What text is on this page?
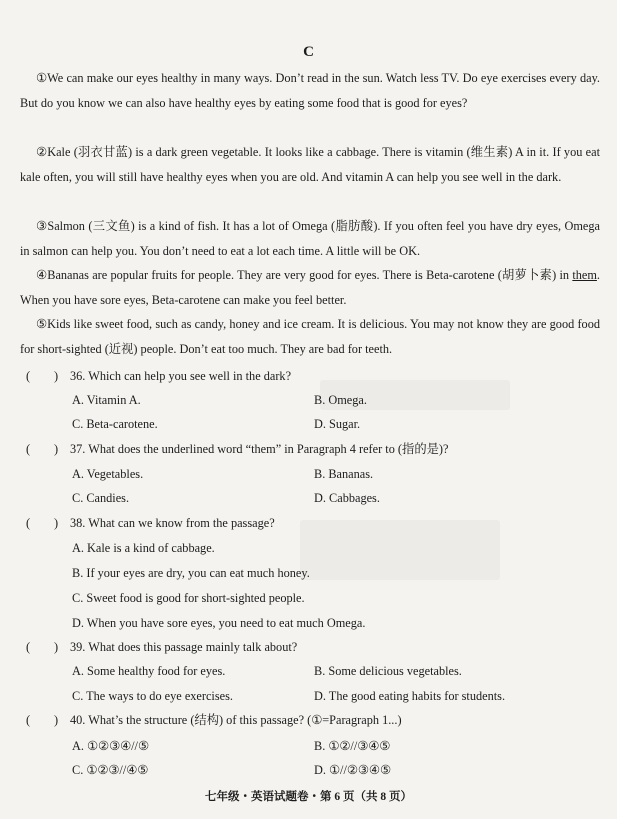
C
①We can make our eyes healthy in many ways. Don’t read in the sun. Watch less TV. Do eye exercises every day. But do you know we can also have healthy eyes by eating some food that is good for eyes?
②Kale (羽衣甘蓝) is a dark green vegetable. It looks like a cabbage. There is vitamin (维生素) A in it. If you eat kale often, you will still have healthy eyes when you are old. And vitamin A can help you see well in the dark.
③Salmon (三文鱼) is a kind of fish. It has a lot of Omega (脂肪酸). If you often feel you have dry eyes, Omega in salmon can help you. You don’t need to eat a lot each time. A little will be OK.
④Bananas are popular fruits for people. They are very good for eyes. There is Beta-carotene (胡萝卜素) in them. When you have sore eyes, Beta-carotene can make you feel better.
⑤Kids like sweet food, such as candy, honey and ice cream. It is delicious. You may not know they are good food for short-sighted (近视) people. Don’t eat too much. They are bad for teeth.
( ) 36. Which can help you see well in the dark?
A. Vitamin A.	B. Omega.
C. Beta-carotene.	D. Sugar.
( ) 37. What does the underlined word “them” in Paragraph 4 refer to (指的是)?
A. Vegetables.	B. Bananas.
C. Candies.	D. Cabbages.
( ) 38. What can we know from the passage?
A. Kale is a kind of cabbage.
B. If your eyes are dry, you can eat much honey.
C. Sweet food is good for short-sighted people.
D. When you have sore eyes, you need to eat much Omega.
( ) 39. What does this passage mainly talk about?
A. Some healthy food for eyes.	B. Some delicious vegetables.
C. The ways to do eye exercises.	D. The good eating habits for students.
( ) 40. What’s the structure (结构) of this passage? (①=Paragraph 1...)
A. ①②③④//⑤	B. ①②//③④⑤
C. ①②③//④⑤	D. ①//②③④⑤
七年级・英语试题卷・第 6 页（共 8 页）
